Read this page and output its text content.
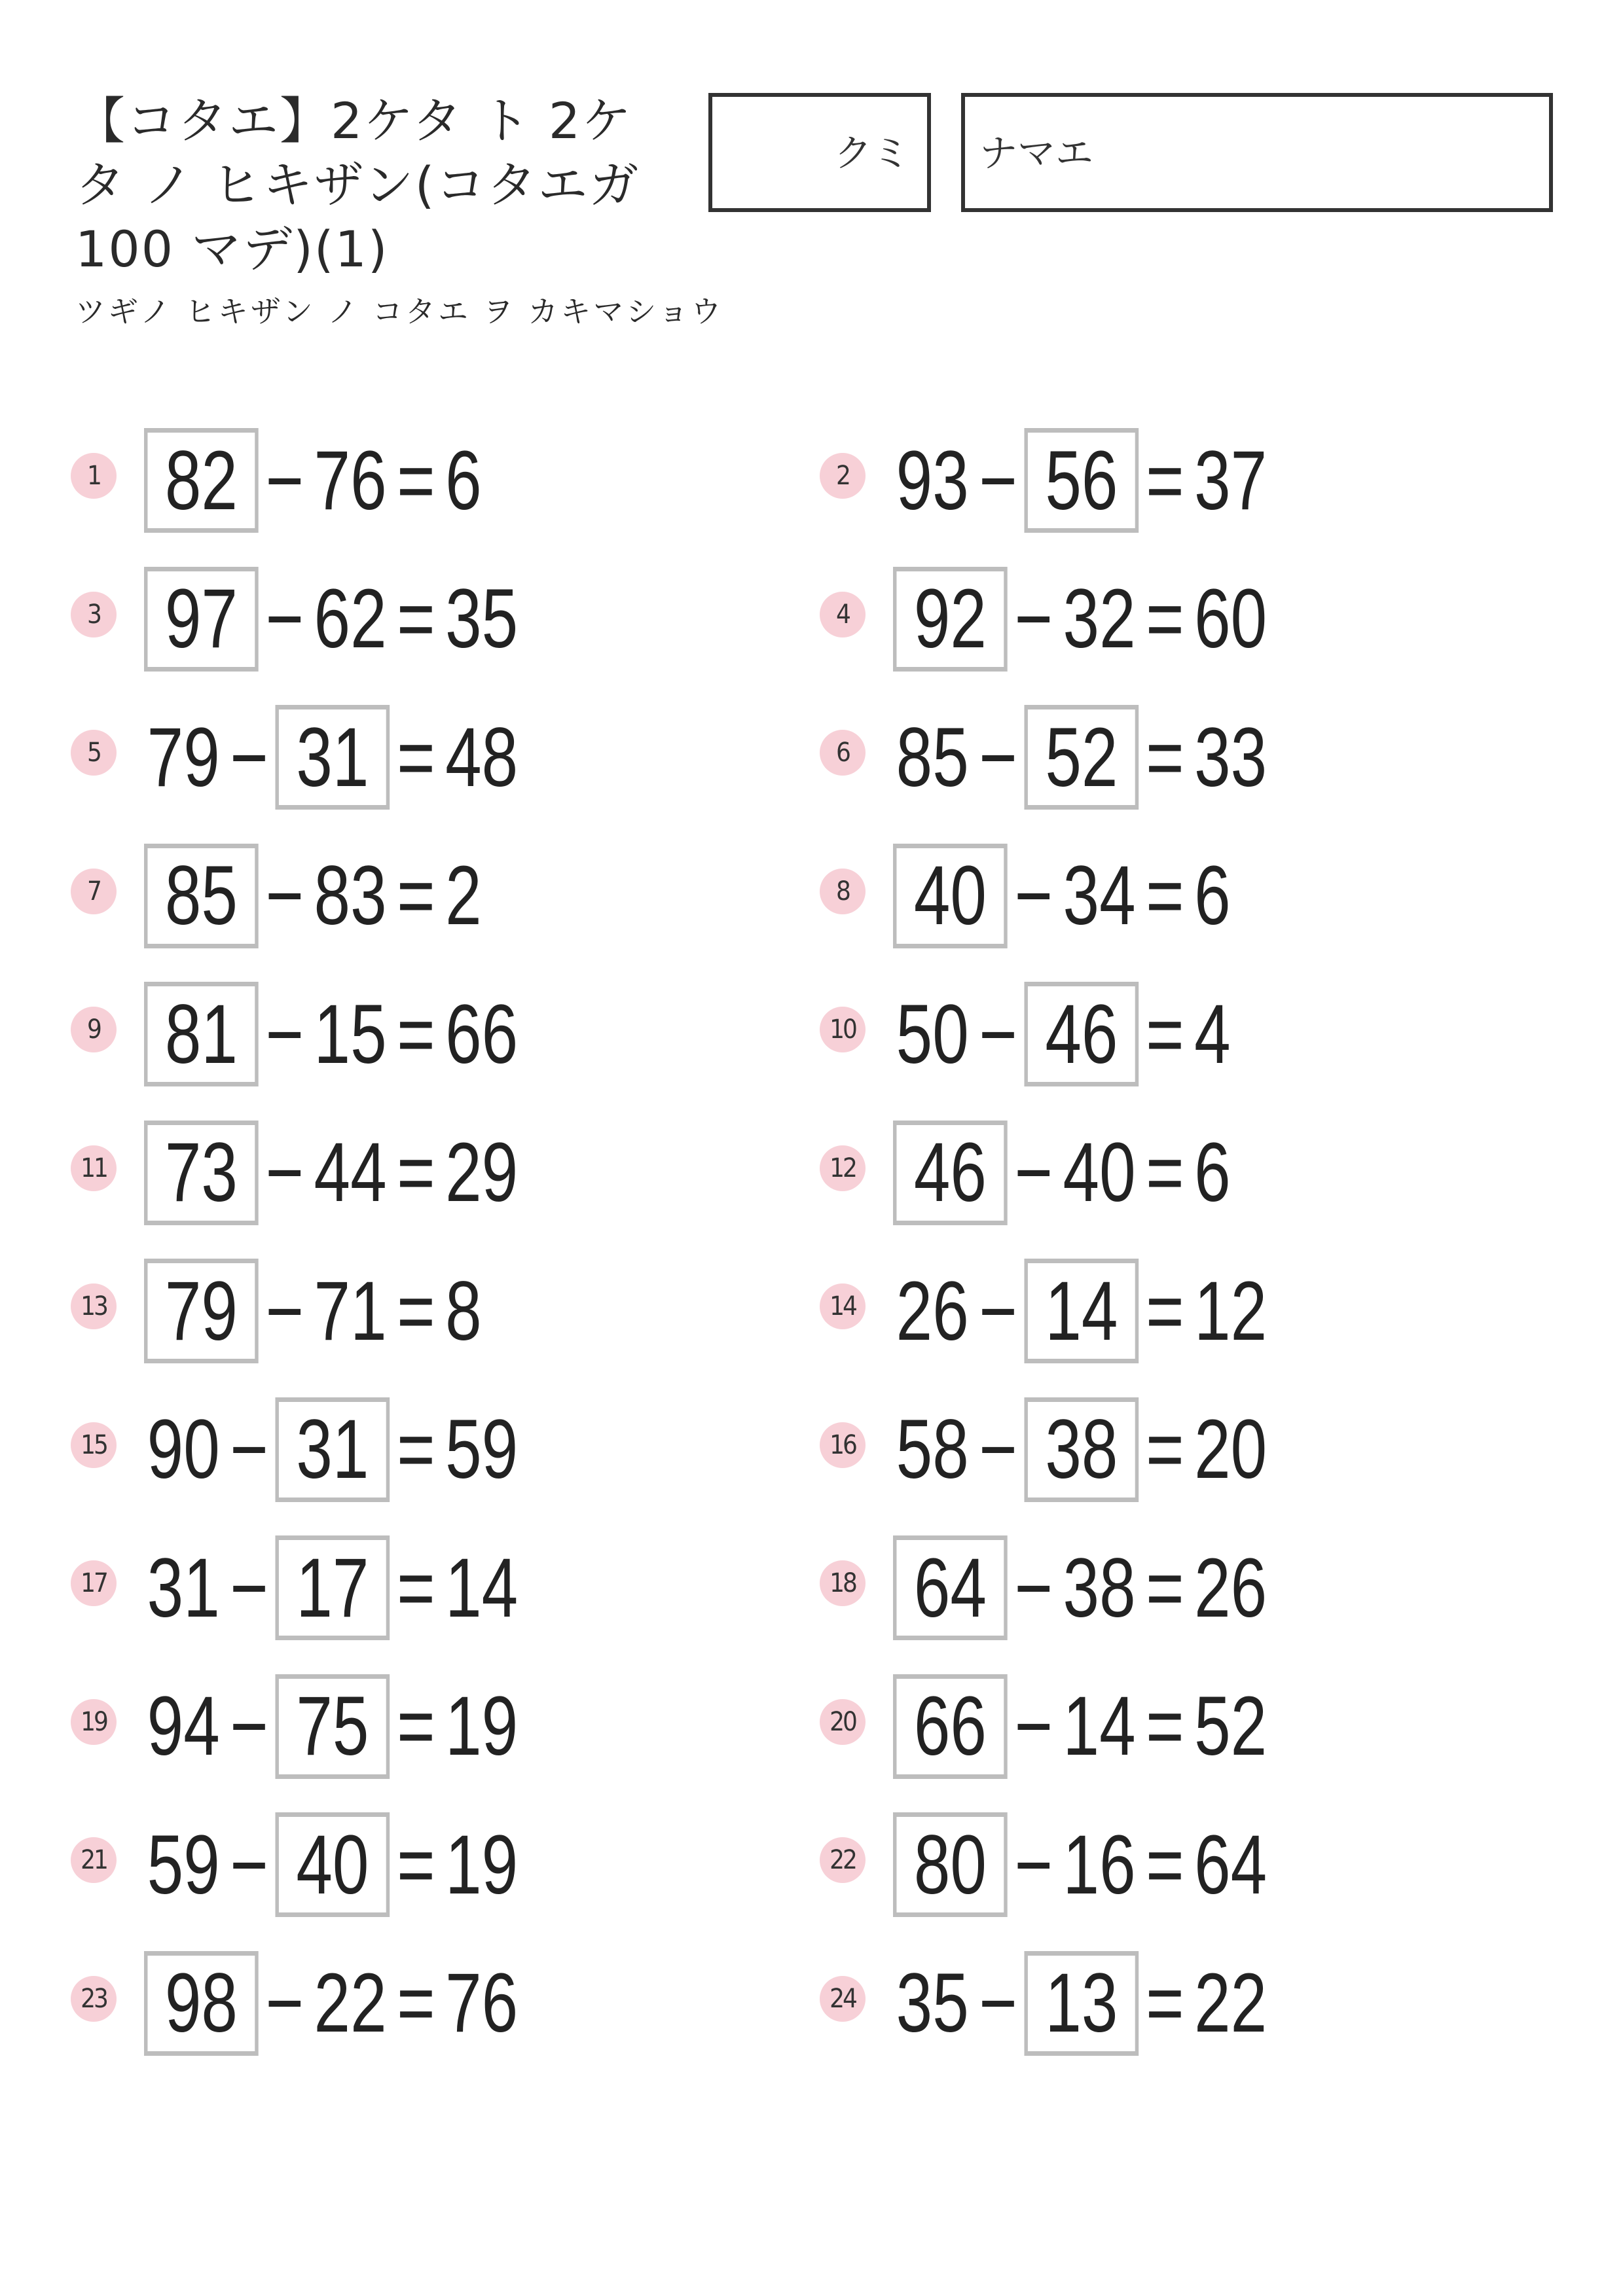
【コタエ】2ケタ ト 2ケタ ノ ヒキザン(コタエガ 100 マデ)(1)
ツギノ ヒキザン ノ コタエ ヲ カキマショウ
クミ ナマエ
1 82 − 76 = 6	2 93 − 56 = 37
3 97 − 62 = 35	4 92 − 32 = 60
5 79 − 31 = 48	6 85 − 52 = 33
7 85 − 83 = 2	8 40 − 34 = 6
9 81 − 15 = 66	10 50 − 46 = 4
11 73 − 44 = 29	12 46 − 40 = 6
13 79 − 71 = 8	14 26 − 14 = 12
15 90 − 31 = 59	16 58 − 38 = 20
17 31 − 17 = 14	18 64 − 38 = 26
19 94 − 75 = 19	20 66 − 14 = 52
21 59 − 40 = 19	22 80 − 16 = 64
23 98 − 22 = 76	24 35 − 13 = 22
